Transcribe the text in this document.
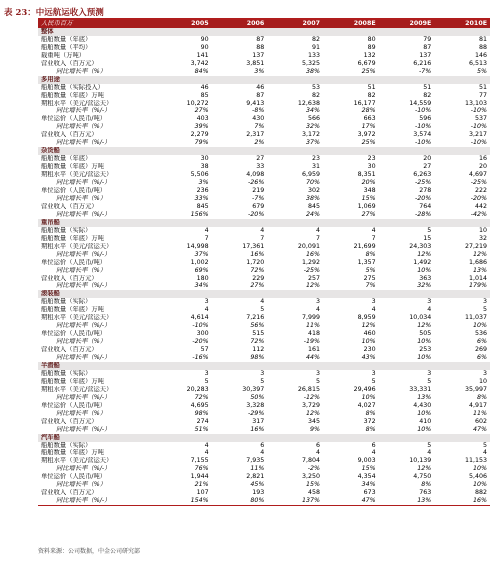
表 23：中远航运收入预测
人民币百万	2005	2006	2007	2008E	2009E	2010E
整体						
船舶数量（年底）	90	87	82	80	79	81
船舶数量（平均）	90	88	91	89	87	88
载重吨（万吨）	141	137	133	132	137	146
营业收入（百万元）	3,742	3,851	5,325	6,679	6,216	6,513
同比增长率（%）	84%	3%	38%	25%	-7%	5%
多用途						
船舶数量（实际投入）	46	46	53	51	51	51
船舶数量（年底）万吨	85	87	82	82	82	77
期租水平（美元/营运天）	10,272	9,413	12,638	16,177	14,559	13,103
同比增长率（%/-）	27%	-8%	34%	28%	-10%	-10%
单位运价（人民币/吨）	403	430	566	663	596	537
同比增长率（%）	39%	7%	32%	17%	-10%	-10%
营业收入（百万元）	2,279	2,317	3,172	3,972	3,574	3,217
同比增长率（%/-）	79%	2%	37%	25%	-10%	-10%
杂货船						
船舶数量（年底）	30	27	23	23	20	16
船舶数量（年底）万吨	38	33	31	30	27	20
期租水平（美元/营运天）	5,506	4,098	6,959	8,351	6,263	4,697
同比增长率（%/-）	3%	-26%	70%	20%	-25%	-25%
单位运价（人民币/吨）	236	219	302	348	278	222
同比增长率（%）	33%	-7%	38%	15%	-20%	-20%
营业收入（百万元）	845	679	845	1,069	764	442
同比增长率（%/-）	156%	-20%	24%	27%	-28%	-42%
重吊船						
船舶数量（实际）	4	4	4	4	5	10
船舶数量（年底）万吨	7	7	7	7	15	32
期租水平（美元/营运天）	14,998	17,361	20,091	21,699	24,303	27,219
同比增长率（%/-）	37%	16%	16%	8%	12%	12%
单位运价（人民币/吨）	1,002	1,720	1,292	1,357	1,492	1,686
同比增长率（%）	69%	72%	-25%	5%	10%	13%
营业收入（百万元）	180	229	257	275	363	1,014
同比增长率（%/-）	34%	27%	12%	7%	32%	179%
滚装船						
船舶数量（实际）	3	4	3	3	3	3
船舶数量（年底）万吨	4	5	4	4	4	5
期租水平（美元/营运天）	4,614	7,216	7,999	8,959	10,034	11,037
同比增长率（%/-）	-10%	56%	11%	12%	12%	10%
单位运价（人民币/吨）	300	515	418	460	505	536
同比增长率（%）	-20%	72%	-19%	10%	10%	6%
营业收入（百万元）	57	112	161	230	253	269
同比增长率（%/-）	-16%	98%	44%	43%	10%	6%
半潜船						
船舶数量（实际）	3	3	3	3	3	3
船舶数量（年底）万吨	5	5	5	5	5	10
期租水平（美元/营运天）	20,283	30,397	26,815	29,496	33,331	35,997
同比增长率（%/-）	72%	50%	-12%	10%	13%	8%
单位运价（人民币/吨）	4,695	3,328	3,729	4,027	4,430	4,917
同比增长率（%）	98%	-29%	12%	8%	10%	11%
营业收入（百万元）	274	317	345	372	410	602
同比增长率（%/-）	51%	16%	9%	8%	10%	47%
汽车船						
船舶数量（实际）	4	6	6	6	5	5
船舶数量（年底）万吨	4	4	4	4	4	4
期租水平（美元/营运天）	7,155	7,935	7,804	9,003	10,139	11,153
同比增长率（%/-）	76%	11%	-2%	15%	12%	10%
单位运价（人民币/吨）	1,944	2,821	3,250	4,354	4,750	5,406
同比增长率（%）	21%	45%	15%	34%	8%	10%
营业收入（百万元）	107	193	458	673	763	882
同比增长率（%/-）	154%	80%	137%	47%	13%	16%
资料来源：公司数据，中金公司研究部
